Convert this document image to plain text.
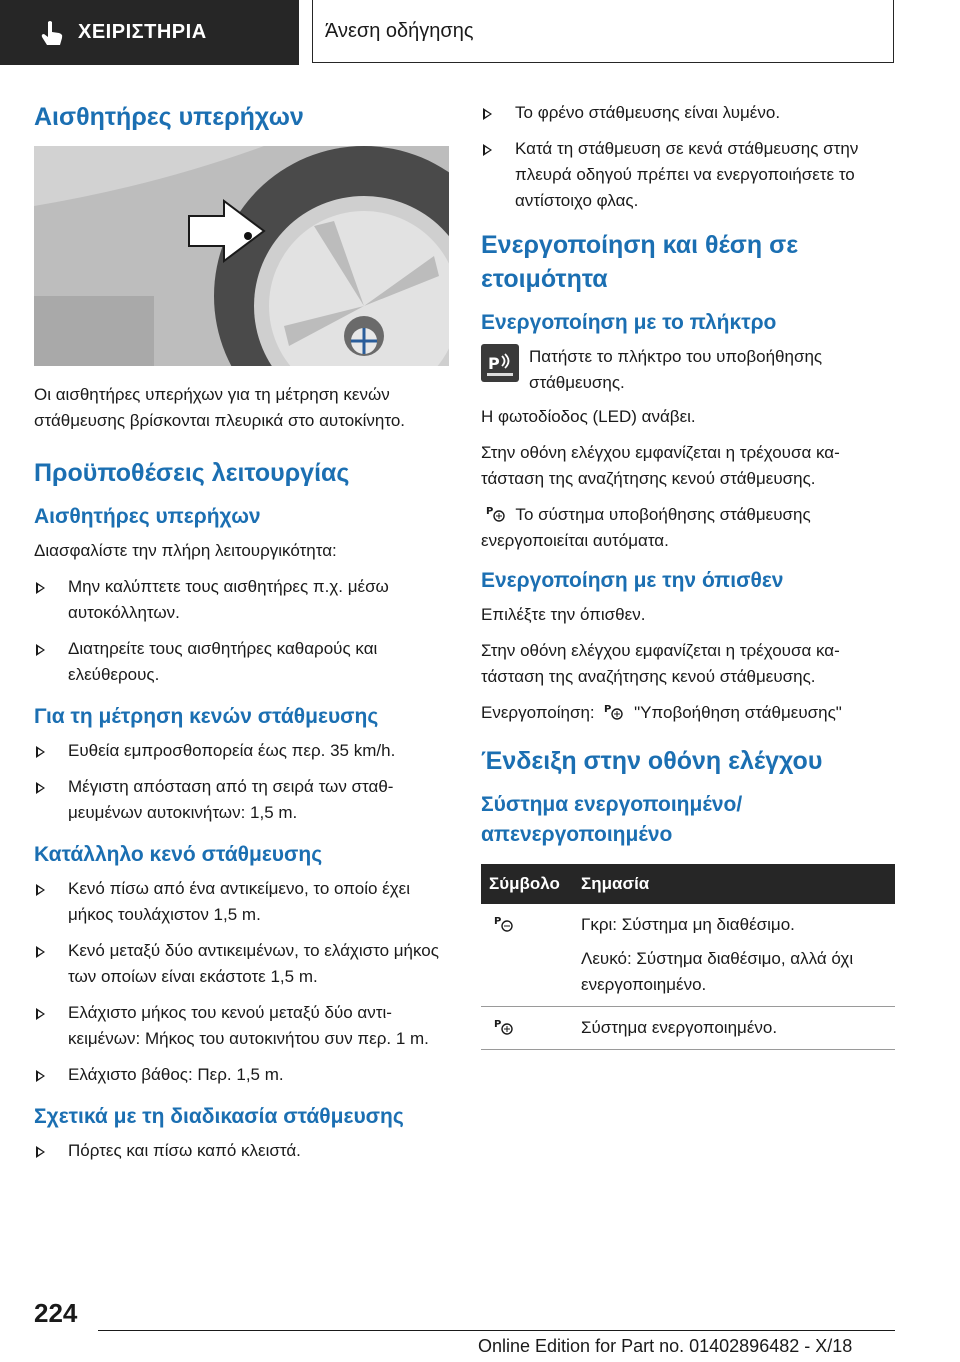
ΧΕΙΡΙΣΤΗΡΙΑ	Άνεση οδήγησης
Αισθητήρες υπερήχων
Οι αισθητήρες υπερήχων για τη μέτρηση κενών στάθμευσης βρίσκονται πλευρικά στο αυτοκίνητο.
Προϋποθέσεις λειτουργίας
Αισθητήρες υπερήχων
Διασφαλίστε την πλήρη λειτουργικότητα:
Μην καλύπτετε τους αισθητήρες π.χ. μέσω αυτοκόλλητων.
Διατηρείτε τους αισθητήρες καθαρούς και ελεύθερους.
Για τη μέτρηση κενών στάθμευσης
Ευθεία εμπροσθοπορεία έως περ. 35 km/h.
Μέγιστη απόσταση από τη σειρά των σταθμευμένων αυτοκινήτων: 1,5 m.
Κατάλληλο κενό στάθμευσης
Κενό πίσω από ένα αντικείμενο, το οποίο έχει μήκος τουλάχιστον 1,5 m.
Κενό μεταξύ δύο αντικειμένων, το ελάχιστο μήκος των οποίων είναι εκάστοτε 1,5 m.
Ελάχιστο μήκος του κενού μεταξύ δύο αντικειμένων: Μήκος του αυτοκινήτου συν περ. 1 m.
Ελάχιστο βάθος: Περ. 1,5 m.
Σχετικά με τη διαδικασία στάθμευσης
Πόρτες και πίσω καπό κλειστά.
Το φρένο στάθμευσης είναι λυμένο.
Κατά τη στάθμευση σε κενά στάθμευσης στην πλευρά οδηγού πρέπει να ενεργοποιήσετε το αντίστοιχο φλας.
Ενεργοποίηση και θέση σε ετοιμότητα
Ενεργοποίηση με το πλήκτρο
P Πατήστε το πλήκτρο του υποβοήθησης στάθμευσης.
Η φωτοδίοδος (LED) ανάβει.
Στην οθόνη ελέγχου εμφανίζεται η τρέχουσα κατάσταση της αναζήτησης κενού στάθμευσης.
P Το σύστημα υποβοήθησης στάθμευσης ενεργοποιείται αυτόματα.
Ενεργοποίηση με την όπισθεν
Επιλέξτε την όπισθεν.
Στην οθόνη ελέγχου εμφανίζεται η τρέχουσα κατάσταση της αναζήτησης κενού στάθμευσης.
Ενεργοποίηση: P "Υποβοήθηση στάθμευσης"
Ένδειξη στην οθόνη ελέγχου
Σύστημα ενεργοποιημένο/ απενεργοποιημένο
Σύμβολο	Σημασία

P	Γκρι: Σύστημα μη διαθέσιμο.
Λευκό: Σύστημα διαθέσιμο, αλλά όχι ενεργοποιημένο.

P	Σύστημα ενεργοποιημένο.
224
Online Edition for Part no. 01402896482 - X/18
